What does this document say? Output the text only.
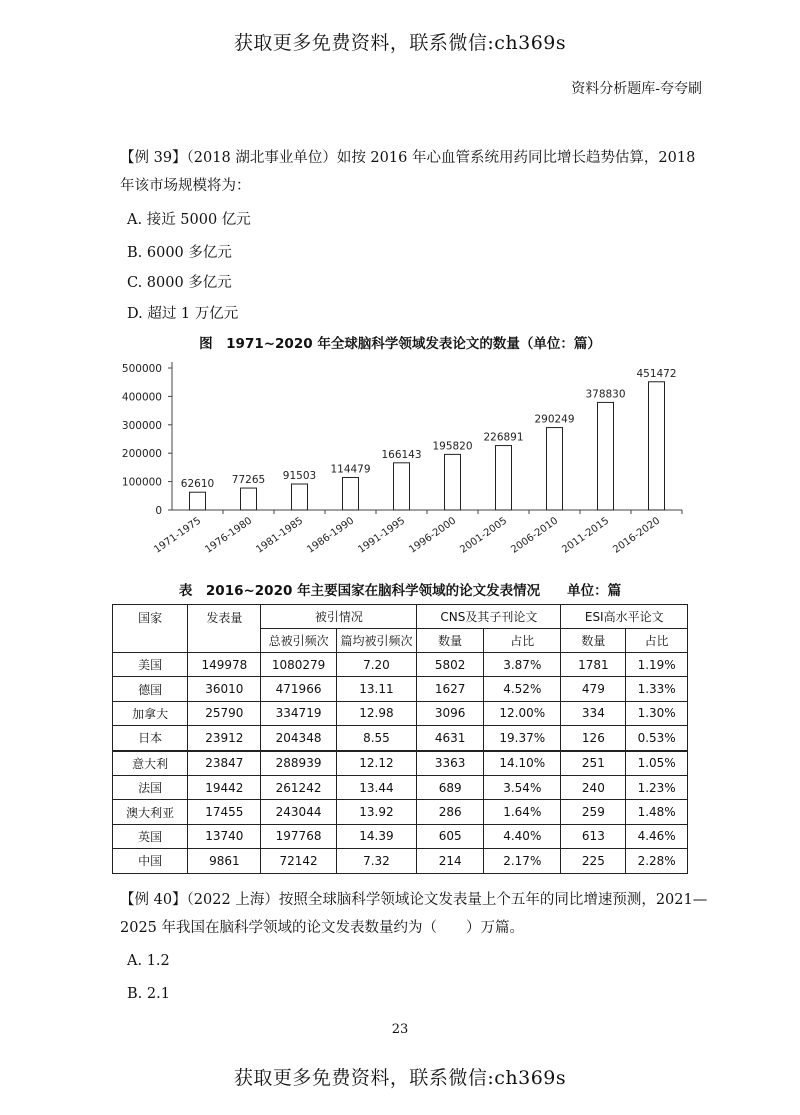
获取更多免费资料，联系微信:ch369s
资料分析题库-夸夸刷
【例 39】（2018 湖北事业单位）如按 2016 年心血管系统用药同比增长趋势估算，2018 年该市场规模将为：
A. 接近 5000 亿元
B. 6000 多亿元
C. 8000 多亿元
D. 超过 1 万亿元
图　1971~2020 年全球脑科学领域发表论文的数量（单位：篇）
0
100000
200000
300000
400000
500000
62610
1971-1975
77265
1976-1980
91503
1981-1985
114479
1986-1990
166143
1991-1995
195820
1996-2000
226891
2001-2005
290249
2006-2010
378830
2011-2015
451472
2016-2020
表　2016~2020 年主要国家在脑科学领域的论文发表情况　　单位：篇
国家	发表量	被引情况		CNS及其子刊论文		ESI高水平论文	
		总被引频次	篇均被引频次	数量	占比	数量	占比
美国	149978	1080279	7.20	5802	3.87%	1781	1.19%
德国	36010	471966	13.11	1627	4.52%	479	1.33%
加拿大	25790	334719	12.98	3096	12.00%	334	1.30%
日本	23912	204348	8.55	4631	19.37%	126	0.53%
意大利	23847	288939	12.12	3363	14.10%	251	1.05%
法国	19442	261242	13.44	689	3.54%	240	1.23%
澳大利亚	17455	243044	13.92	286	1.64%	259	1.48%
英国	13740	197768	14.39	605	4.40%	613	4.46%
中国	9861	72142	7.32	214	2.17%	225	2.28%
【例 40】（2022 上海）按照全球脑科学领域论文发表量上个五年的同比增速预测，2021—2025 年我国在脑科学领域的论文发表数量约为（　　）万篇。
A. 1.2
B. 2.1
23
获取更多免费资料，联系微信:ch369s
